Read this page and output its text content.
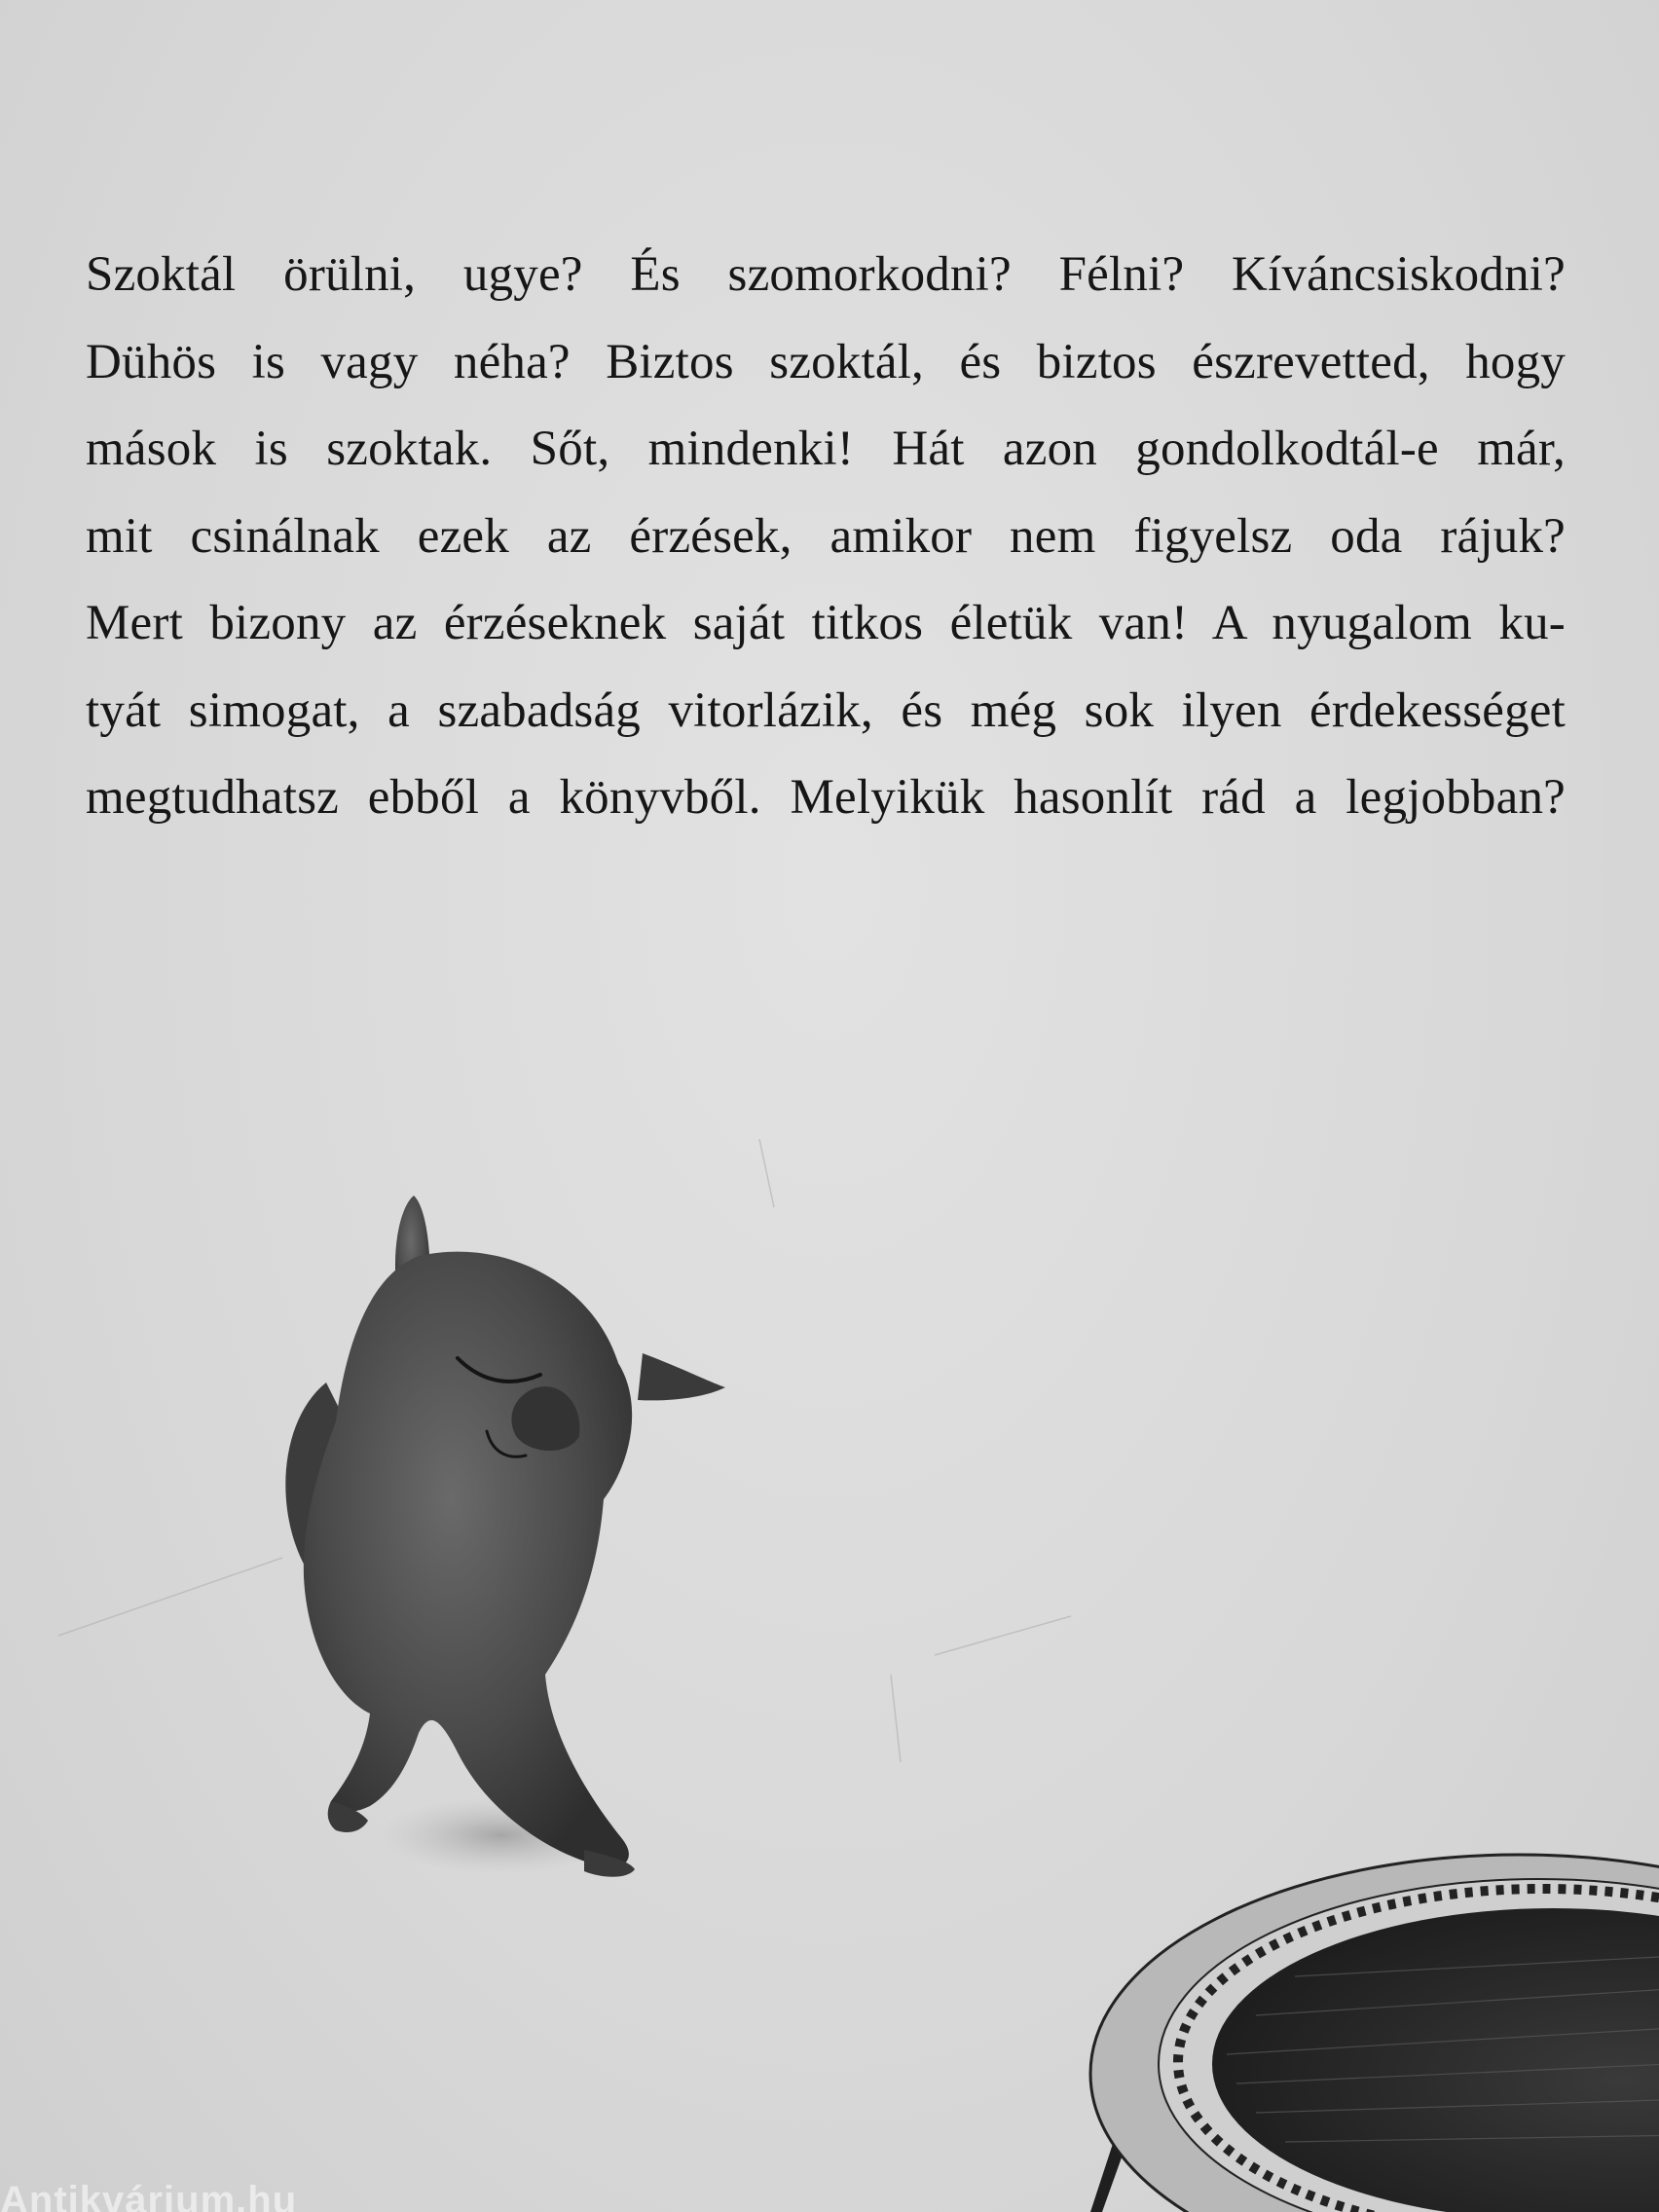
Szoktál örülni, ugye? És szomorkodni? Félni? Kíváncsiskodni?
Dühös is vagy néha? Biztos szoktál, és biztos észrevetted, hogy
mások is szoktak. Sőt, mindenki! Hát azon gondolkodtál-e már,
mit csinálnak ezek az érzések, amikor nem figyelsz oda rájuk?
Mert bizony az érzéseknek saját titkos életük van! A nyugalom ku-
tyát simogat, a szabadság vitorlázik, és még sok ilyen érdekességet
megtudhatsz ebből a könyvből. Melyikük hasonlít rád a legjobban?
Antikvárium.hu
